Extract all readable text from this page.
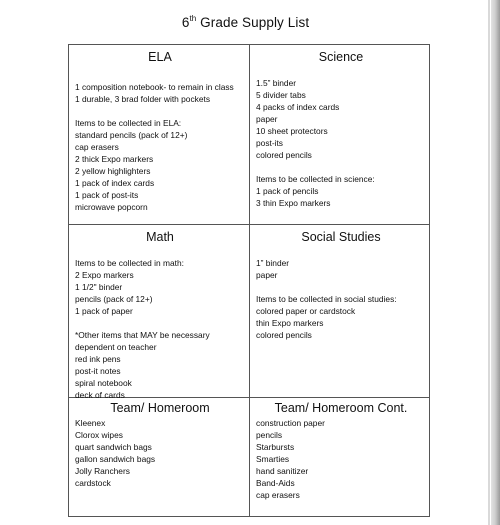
6th Grade Supply List
ELA
1 composition notebook- to remain in class
1 durable, 3 brad folder with pockets
Items to be collected in ELA:
standard pencils (pack of 12+)
cap erasers
2 thick Expo markers
2 yellow highlighters
1 pack of index cards
1 pack of post-its
microwave popcorn
Science
1.5” binder
5 divider tabs
4 packs of index cards
paper
10 sheet protectors
post-its
colored pencils
Items to be collected in science:
1 pack of pencils
3 thin Expo markers
Math
Items to be collected in math:
2 Expo markers
1 1/2" binder
pencils (pack of 12+)
1 pack of paper
*Other items that MAY be necessary
dependent on teacher
red ink pens
post-it notes
spiral notebook
deck of cards
Social Studies
1” binder
paper
Items to be collected in social studies:
colored paper or cardstock
thin Expo markers
colored pencils
Team/ Homeroom
Kleenex
Clorox wipes
quart sandwich bags
gallon sandwich bags
Jolly Ranchers
cardstock
Team/ Homeroom Cont.
construction paper
pencils
Starbursts
Smarties
hand sanitizer
Band-Aids
cap erasers
